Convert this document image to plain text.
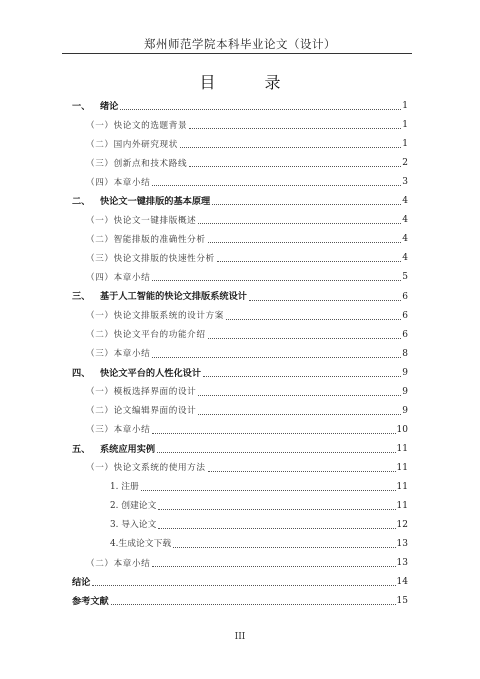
郑州师范学院本科毕业论文（设计）
目 录
一、   绪论	1
（一）快论文的选题背景	1
（二）国内外研究现状	1
（三）创新点和技术路线	2
（四）本章小结	3
二、   快论文一键排版的基本原理	4
（一）快论文一键排版概述	4
（二）智能排版的准确性分析	4
（三）快论文排版的快速性分析	4
（四）本章小结	5
三、   基于人工智能的快论文排版系统设计	6
（一）快论文排版系统的设计方案	6
（二）快论文平台的功能介绍	6
（三）本章小结	8
四、   快论文平台的人性化设计	9
（一）模板选择界面的设计	9
（二）论文编辑界面的设计	9
（三）本章小结	10
五、   系统应用实例	11
（一）快论文系统的使用方法	11
1. 注册	11
2. 创建论文	11
3. 导入论文	12
4.生成论文下载	13
（二）本章小结	13
结论	14
参考文献	15
III
